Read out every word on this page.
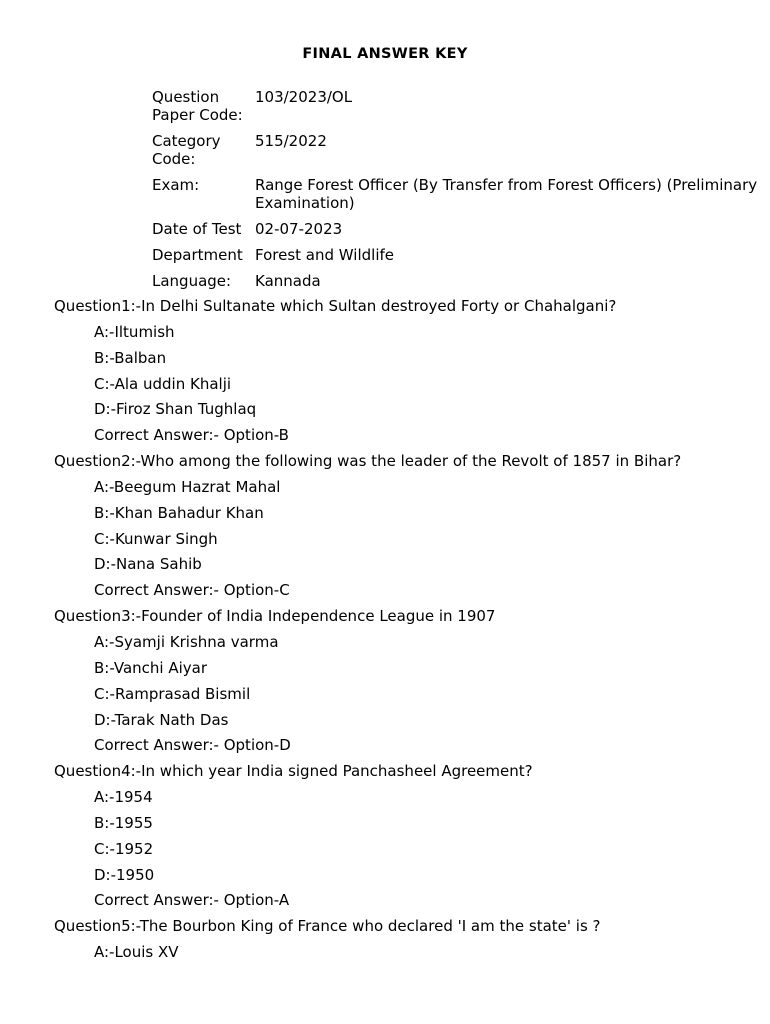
FINAL ANSWER KEY
Question Paper Code:	103/2023/OL
Category Code:	515/2022
Exam:	Range Forest Officer (By Transfer from Forest Officers) (Preliminary Examination)
Date of Test	02-07-2023
Department	Forest and Wildlife
Language:	Kannada
Question1:-In Delhi Sultanate which Sultan destroyed Forty or Chahalgani?
A:-Iltumish
B:-Balban
C:-Ala uddin Khalji
D:-Firoz Shan Tughlaq
Correct Answer:- Option-B
Question2:-Who among the following was the leader of the Revolt of 1857 in Bihar?
A:-Beegum Hazrat Mahal
B:-Khan Bahadur Khan
C:-Kunwar Singh
D:-Nana Sahib
Correct Answer:- Option-C
Question3:-Founder of India Independence League in 1907
A:-Syamji Krishna varma
B:-Vanchi Aiyar
C:-Ramprasad Bismil
D:-Tarak Nath Das
Correct Answer:- Option-D
Question4:-In which year India signed Panchasheel Agreement?
A:-1954
B:-1955
C:-1952
D:-1950
Correct Answer:- Option-A
Question5:-The Bourbon King of France who declared 'I am the state' is ?
A:-Louis XV
